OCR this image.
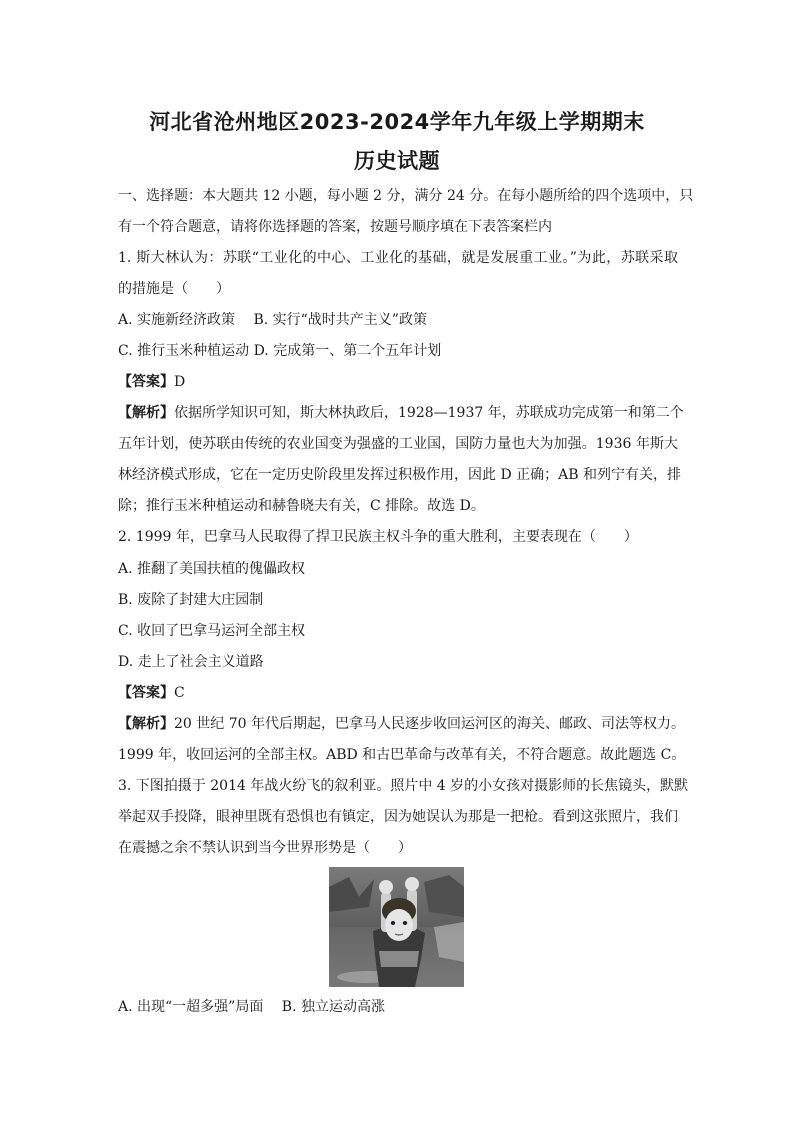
河北省沧州地区2023-2024学年九年级上学期期末
历史试题
一、选择题：本大题共 12 小题，每小题 2 分，满分 24 分。在每小题所给的四个选项中，只
有一个符合题意，请将你选择题的答案，按题号顺序填在下表答案栏内
1. 斯大林认为：苏联“工业化的中心、工业化的基础，就是发展重工业。”为此，苏联采取
的措施是（　　）
A. 实施新经济政策　 B. 实行“战时共产主义”政策
C. 推行玉米种植运动 D. 完成第一、第二个五年计划
【答案】D
【解析】依据所学知识可知，斯大林执政后，1928—1937 年，苏联成功完成第一和第二个
五年计划，使苏联由传统的农业国变为强盛的工业国，国防力量也大为加强。1936 年斯大
林经济模式形成，它在一定历史阶段里发挥过积极作用，因此 D 正确；AB 和列宁有关，排
除；推行玉米种植运动和赫鲁晓夫有关，C 排除。故选 D。
2. 1999 年，巴拿马人民取得了捍卫民族主权斗争的重大胜利，主要表现在（　　）
A. 推翻了美国扶植的傀儡政权
B. 废除了封建大庄园制
C. 收回了巴拿马运河全部主权
D. 走上了社会主义道路
【答案】C
【解析】20 世纪 70 年代后期起，巴拿马人民逐步收回运河区的海关、邮政、司法等权力。
1999 年，收回运河的全部主权。ABD 和古巴革命与改革有关，不符合题意。故此题选 C。
3. 下图拍摄于 2014 年战火纷飞的叙利亚。照片中 4 岁的小女孩对摄影师的长焦镜头，默默
举起双手投降，眼神里既有恐惧也有镇定，因为她误认为那是一把枪。看到这张照片，我们
在震撼之余不禁认识到当今世界形势是（　　）
A. 出现“一超多强”局面　 B. 独立运动高涨
